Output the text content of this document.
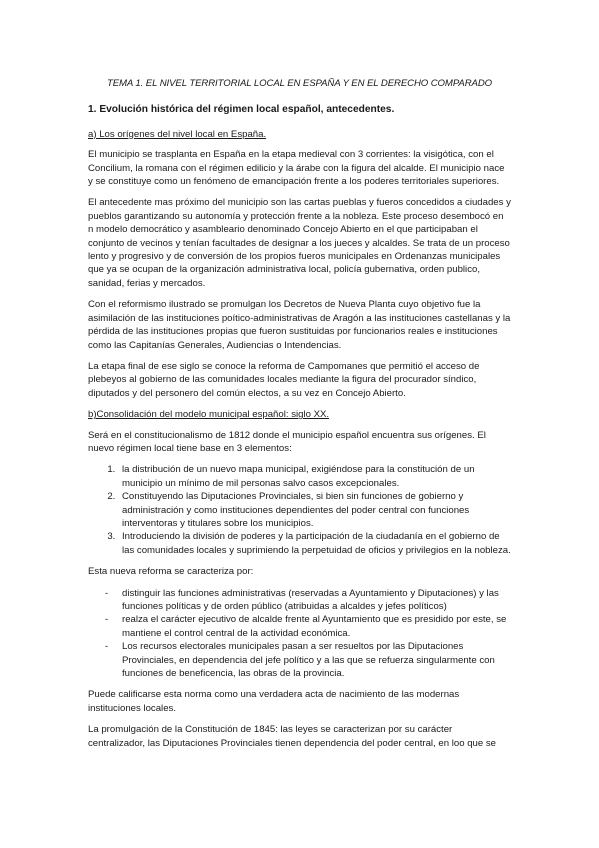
TEMA 1. EL NIVEL TERRITORIAL LOCAL EN ESPAÑA Y EN EL DERECHO COMPARADO
1. Evolución histórica del régimen local español, antecedentes.
a) Los orígenes del nivel local en España.

El municipio se trasplanta en España en la etapa medieval con 3 corrientes: la visigótica, con el Concilium, la romana con el régimen edilicio y la árabe con la figura del alcalde. El municipio nace y se constituye como un fenómeno de emancipación frente a los poderes territoriales superiores.

El antecedente mas próximo del municipio son las cartas pueblas y fueros concedidos a ciudades y pueblos garantizando su autonomía y protección frente a la nobleza. Este proceso desembocó en n modelo democrático y asambleario denominado Concejo Abierto en el que participaban el conjunto de vecinos y tenían facultades de designar a los jueces y alcaldes. Se trata de un proceso lento y progresivo y de conversión de los propios fueros municipales en Ordenanzas municipales que ya se ocupan de la organización administrativa local, policía gubernativa, orden publico, sanidad, ferias y mercados.

Con el reformismo ilustrado se promulgan los Decretos de Nueva Planta cuyo objetivo fue la asimilación de las instituciones poítico-administrativas de Aragón a las instituciones castellanas y la pérdida de las instituciones propias que fueron sustituidas por funcionarios reales e instituciones como las Capitanías Generales, Audiencias o Intendencias.

La etapa final de ese siglo se conoce la reforma de Campomanes que permitió el acceso de plebeyos al gobierno de las comunidades locales mediante la figura del procurador síndico, diputados y del personero del común electos, a su vez en Concejo Abierto.

b)Consolidación del modelo municipal español: siglo XX.

Será en el constitucionalismo de 1812 donde el municipio español encuentra sus orígenes. El nuevo régimen local tiene base en 3 elementos:

1. la distribución de un nuevo mapa municipal, exigiéndose para la constitución de un municipio un mínimo de mil personas salvo casos excepcionales.
2. Constituyendo las Diputaciones Provinciales, si bien sin funciones de gobierno y administración y como instituciones dependientes del poder central con funciones interventoras y titulares sobre los municipios.
3. Introduciendo la división de poderes y la participación de la ciudadanía en el gobierno de las comunidades locales y suprimiendo la perpetuidad de oficios y privilegios en la nobleza.

Esta nueva reforma se caracteriza por:

- distinguir las funciones administrativas (reservadas a Ayuntamiento y Diputaciones) y las funciones políticas y de orden público (atribuidas a alcaldes y jefes políticos)
- realza el carácter ejecutivo de alcalde frente al Ayuntamiento que es presidido por este, se mantiene el control central de la actividad económica.
- Los recursos electorales municipales pasan a ser resueltos por las Diputaciones Provinciales, en dependencia del jefe político y a las que se refuerza singularmente con funciones de beneficencia, las obras de la provincia.

Puede calificarse esta norma como una verdadera acta de nacimiento de las modernas instituciones locales.

La promulgación de la Constitución de 1845: las leyes se caracterizan por su carácter centralizador, las Diputaciones Provinciales tienen dependencia del poder central, en loo que se
